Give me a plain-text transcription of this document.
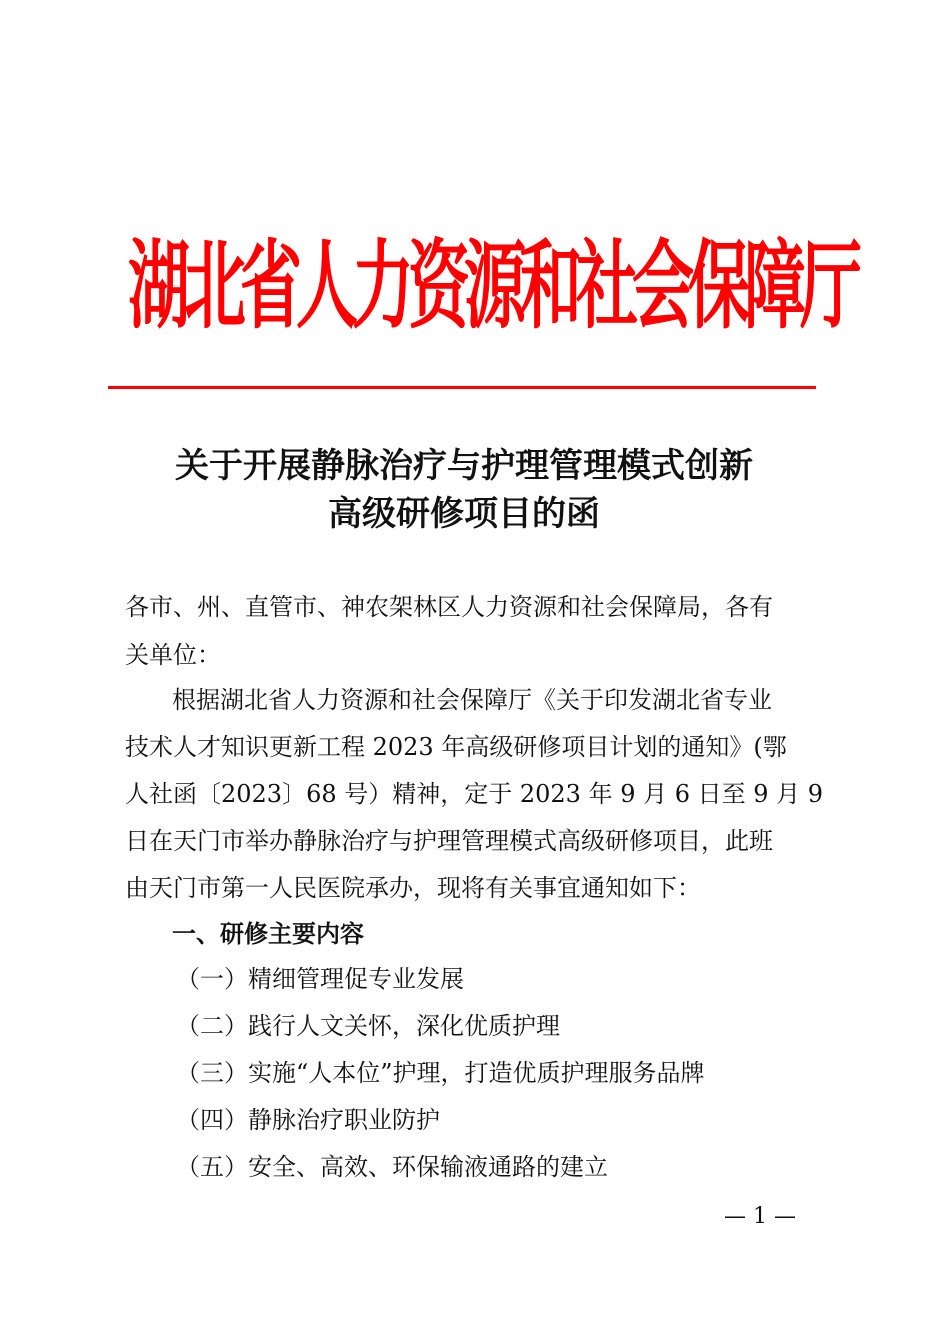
湖北省人力资源和社会保障厅
关于开展静脉治疗与护理管理模式创新
高级研修项目的函
各市、州、直管市、神农架林区人力资源和社会保障局，各有
关单位：
根据湖北省人力资源和社会保障厅《关于印发湖北省专业
技术人才知识更新工程 2023 年高级研修项目计划的通知》(鄂
人社函〔2023〕68 号）精神，定于 2023 年 9 月 6 日至 9 月 9
日在天门市举办静脉治疗与护理管理模式高级研修项目，此班
由天门市第一人民医院承办，现将有关事宜通知如下：
一、研修主要内容
（一）精细管理促专业发展
（二）践行人文关怀，深化优质护理
（三）实施“人本位”护理，打造优质护理服务品牌
（四）静脉治疗职业防护
（五）安全、高效、环保输液通路的建立
— 1 —
